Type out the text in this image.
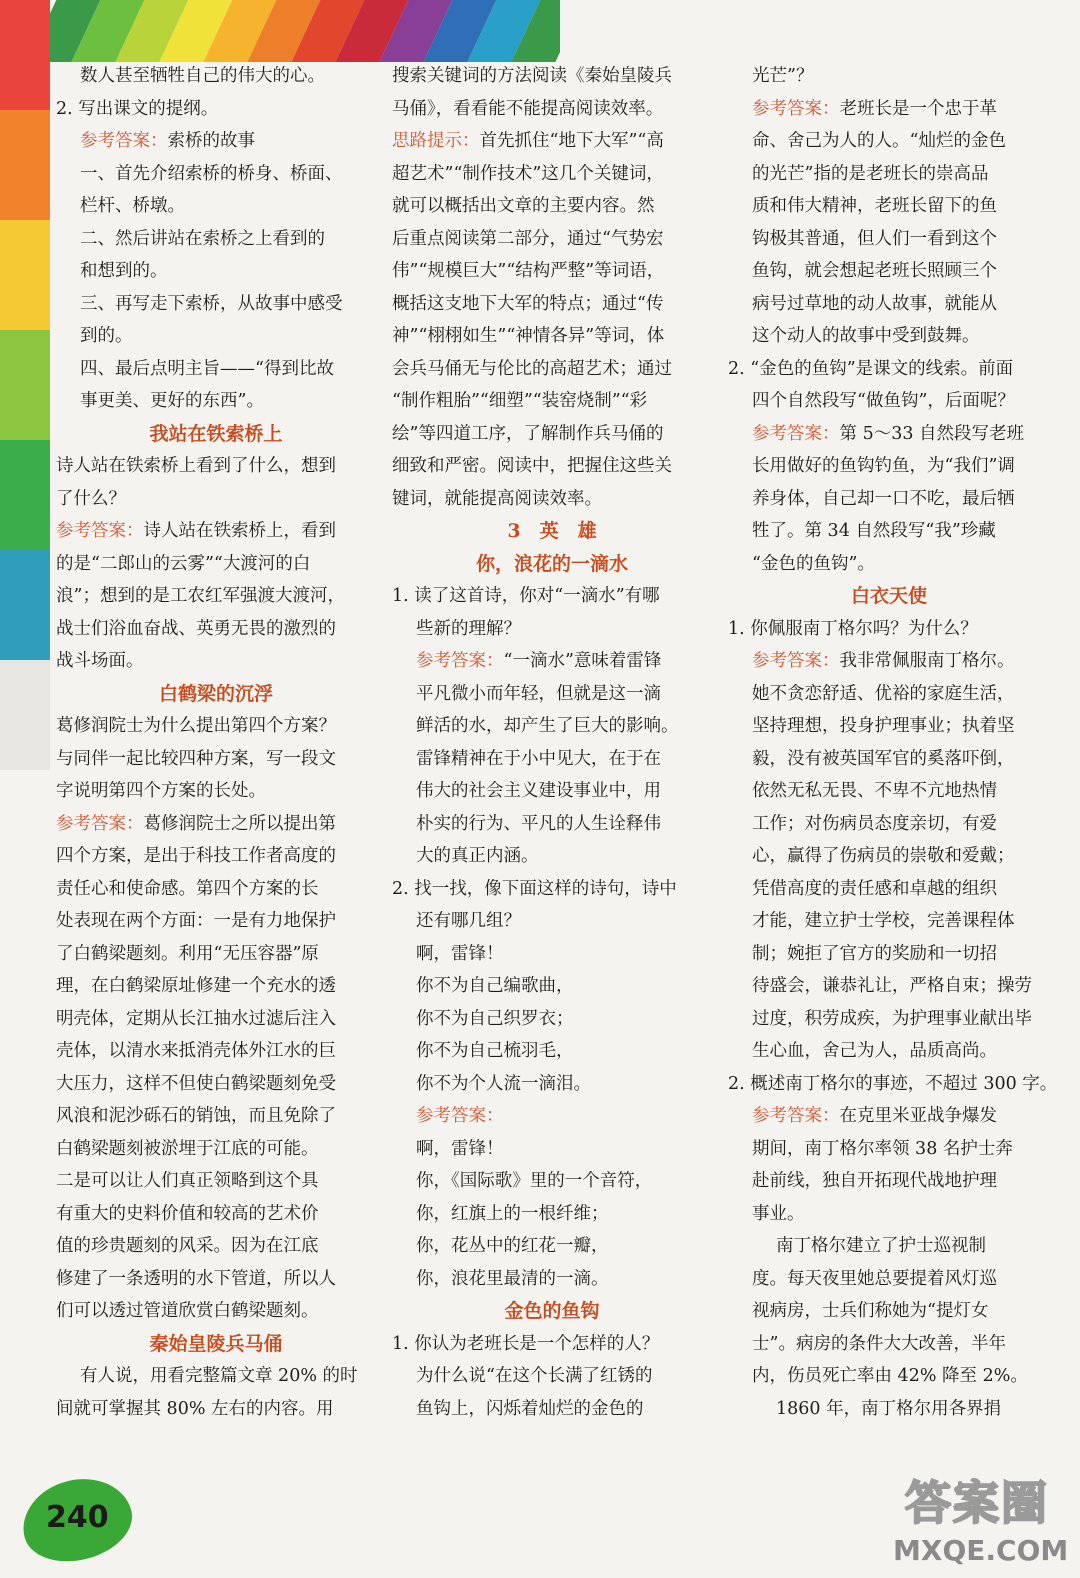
数人甚至牺牲自己的伟大的心。
2. 写出课文的提纲。
参考答案：索桥的故事
一、首先介绍索桥的桥身、桥面、
栏杆、桥墩。
二、然后讲站在索桥之上看到的
和想到的。
三、再写走下索桥，从故事中感受
到的。
四、最后点明主旨——“得到比故
事更美、更好的东西”。
我站在铁索桥上
诗人站在铁索桥上看到了什么，想到
了什么？
参考答案：诗人站在铁索桥上，看到
的是“二郎山的云雾”“大渡河的白
浪”；想到的是工农红军强渡大渡河，
战士们浴血奋战、英勇无畏的激烈的
战斗场面。
白鹤梁的沉浮
葛修润院士为什么提出第四个方案？
与同伴一起比较四种方案，写一段文
字说明第四个方案的长处。
参考答案：葛修润院士之所以提出第
四个方案，是出于科技工作者高度的
责任心和使命感。第四个方案的长
处表现在两个方面：一是有力地保护
了白鹤梁题刻。利用“无压容器”原
理，在白鹤梁原址修建一个充水的透
明壳体，定期从长江抽水过滤后注入
壳体，以清水来抵消壳体外江水的巨
大压力，这样不但使白鹤梁题刻免受
风浪和泥沙砾石的销蚀，而且免除了
白鹤梁题刻被淤埋于江底的可能。
二是可以让人们真正领略到这个具
有重大的史料价值和较高的艺术价
值的珍贵题刻的风采。因为在江底
修建了一条透明的水下管道，所以人
们可以透过管道欣赏白鹤梁题刻。
秦始皇陵兵马俑
有人说，用看完整篇文章 20% 的时
间就可掌握其 80% 左右的内容。用
搜索关键词的方法阅读《秦始皇陵兵
马俑》，看看能不能提高阅读效率。
思路提示：首先抓住“地下大军”“高
超艺术”“制作技术”这几个关键词，
就可以概括出文章的主要内容。然
后重点阅读第二部分，通过“气势宏
伟”“规模巨大”“结构严整”等词语，
概括这支地下大军的特点；通过“传
神”“栩栩如生”“神情各异”等词，体
会兵马俑无与伦比的高超艺术；通过
“制作粗胎”“细塑”“装窑烧制”“彩
绘”等四道工序，了解制作兵马俑的
细致和严密。阅读中，把握住这些关
键词，就能提高阅读效率。
3　英　雄
你，浪花的一滴水
1. 读了这首诗，你对“一滴水”有哪
些新的理解？
参考答案：“一滴水”意味着雷锋
平凡微小而年轻，但就是这一滴
鲜活的水，却产生了巨大的影响。
雷锋精神在于小中见大，在于在
伟大的社会主义建设事业中，用
朴实的行为、平凡的人生诠释伟
大的真正内涵。
2. 找一找，像下面这样的诗句，诗中
还有哪几组？
啊，雷锋！
你不为自己编歌曲，
你不为自己织罗衣；
你不为自己梳羽毛，
你不为个人流一滴泪。
参考答案：
啊，雷锋！
你，《国际歌》里的一个音符，
你，红旗上的一根纤维；
你，花丛中的红花一瓣，
你，浪花里最清的一滴。
金色的鱼钩
1. 你认为老班长是一个怎样的人？
为什么说“在这个长满了红锈的
鱼钩上，闪烁着灿烂的金色的
光芒”？
参考答案：老班长是一个忠于革
命、舍己为人的人。“灿烂的金色
的光芒”指的是老班长的崇高品
质和伟大精神，老班长留下的鱼
钩极其普通，但人们一看到这个
鱼钩，就会想起老班长照顾三个
病号过草地的动人故事，就能从
这个动人的故事中受到鼓舞。
2. “金色的鱼钩”是课文的线索。前面
四个自然段写“做鱼钩”，后面呢？
参考答案：第 5～33 自然段写老班
长用做好的鱼钩钓鱼，为“我们”调
养身体，自己却一口不吃，最后牺
牲了。第 34 自然段写“我”珍藏
“金色的鱼钩”。
白衣天使
1. 你佩服南丁格尔吗？为什么？
参考答案：我非常佩服南丁格尔。
她不贪恋舒适、优裕的家庭生活，
坚持理想，投身护理事业；执着坚
毅，没有被英国军官的奚落吓倒，
依然无私无畏、不卑不亢地热情
工作；对伤病员态度亲切，有爱
心，赢得了伤病员的崇敬和爱戴；
凭借高度的责任感和卓越的组织
才能，建立护士学校，完善课程体
制；婉拒了官方的奖励和一切招
待盛会，谦恭礼让，严格自束；操劳
过度，积劳成疾，为护理事业献出毕
生心血，舍己为人，品质高尚。
2. 概述南丁格尔的事迹，不超过 300 字。
参考答案：在克里米亚战争爆发
期间，南丁格尔率领 38 名护士奔
赴前线，独自开拓现代战地护理
事业。
南丁格尔建立了护士巡视制
度。每天夜里她总要提着风灯巡
视病房，士兵们称她为“提灯女
士”。病房的条件大大改善，半年
内，伤员死亡率由 42% 降至 2%。
1860 年，南丁格尔用各界捐
240	答案圈
MXQE.COM
